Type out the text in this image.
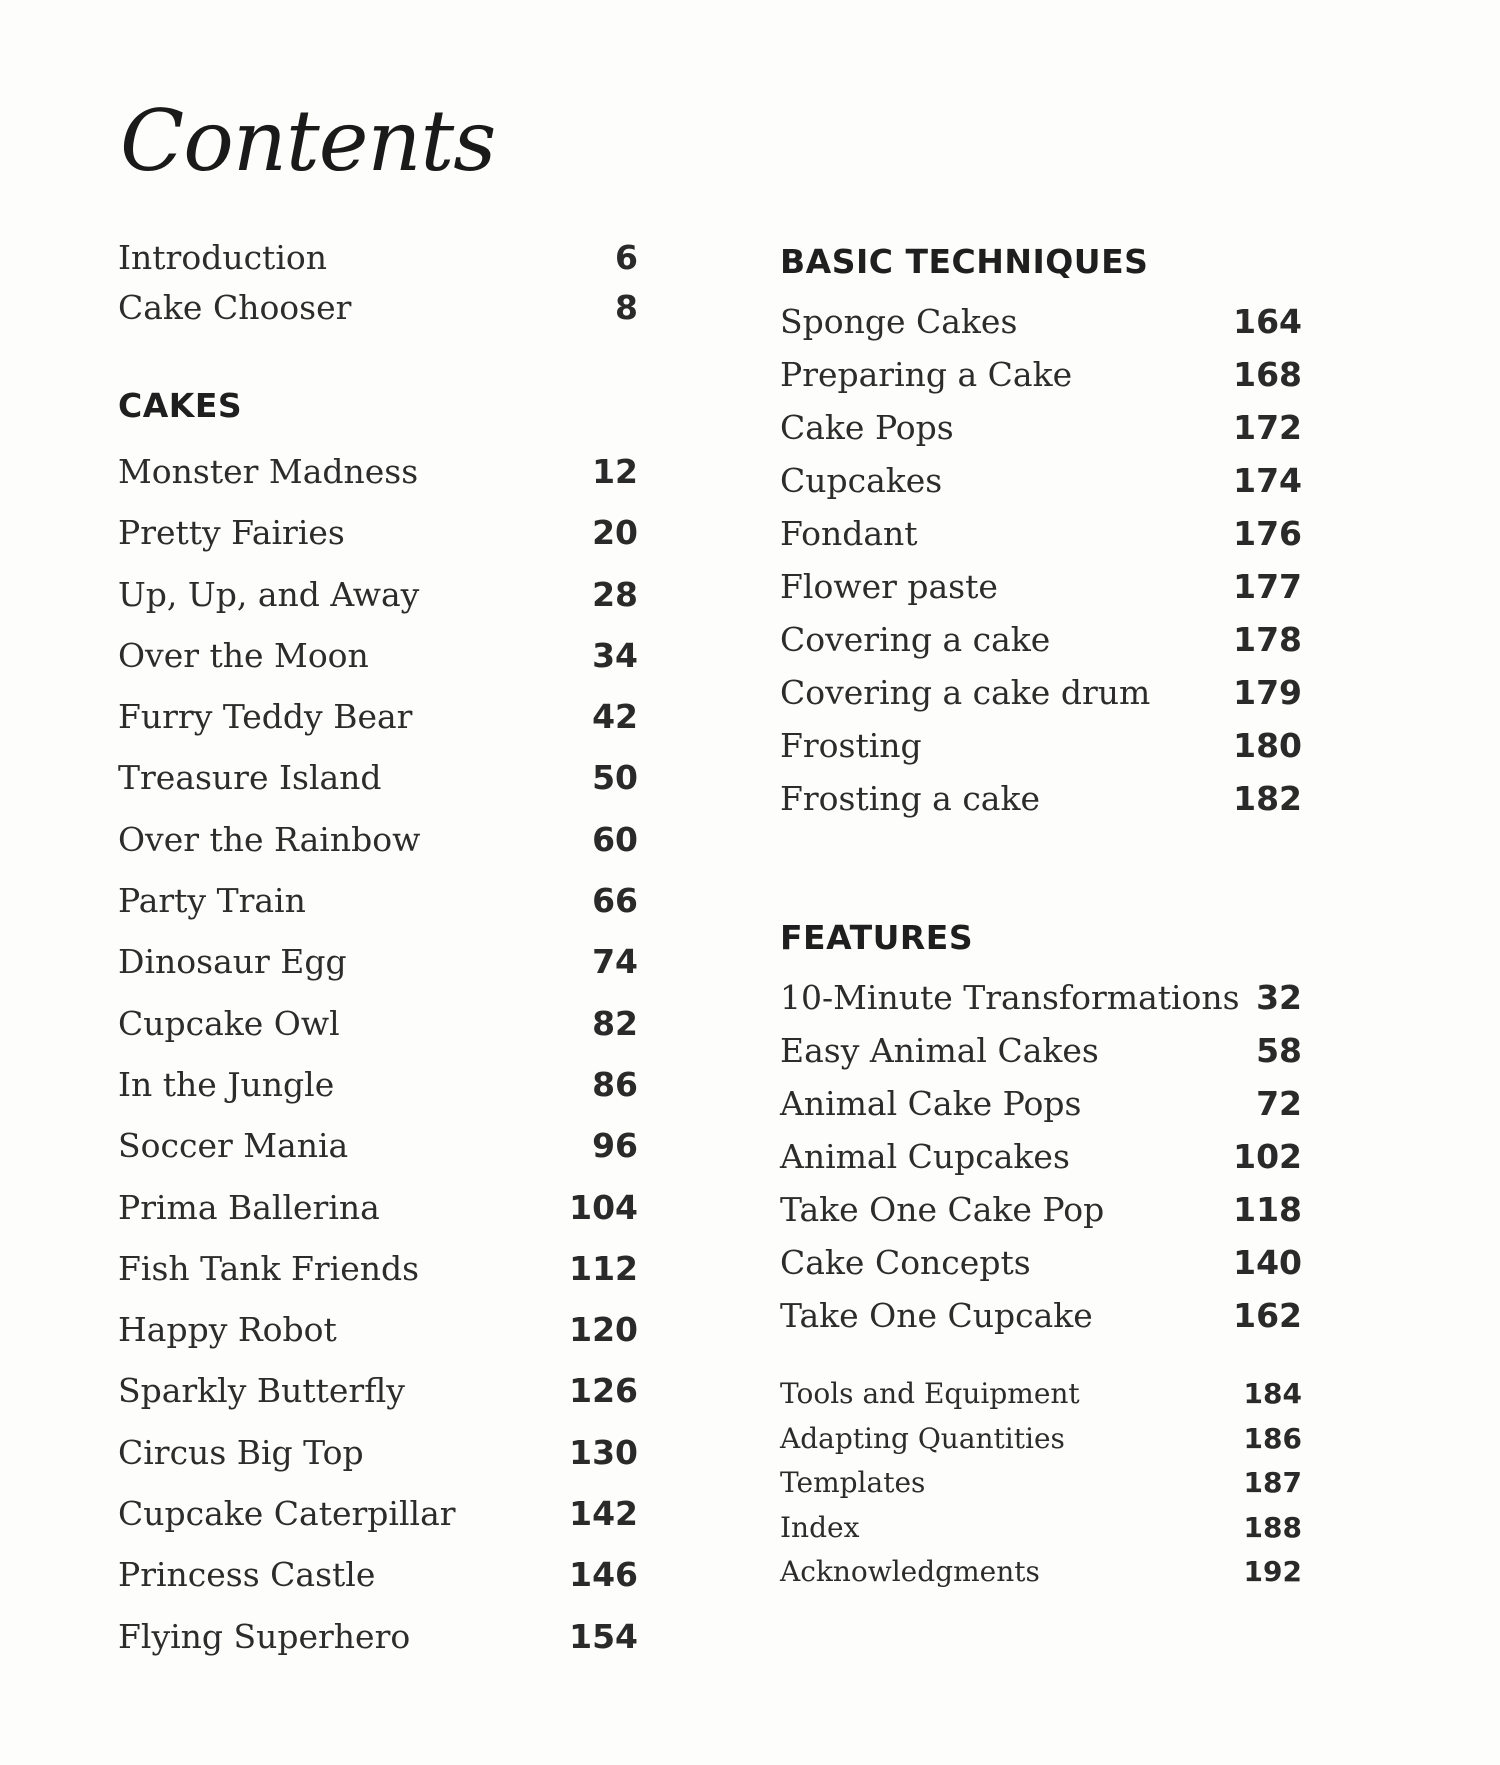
Contents
Introduction	6
Cake Chooser	8
CAKES
Monster Madness	12
Pretty Fairies	20
Up, Up, and Away	28
Over the Moon	34
Furry Teddy Bear	42
Treasure Island	50
Over the Rainbow	60
Party Train	66
Dinosaur Egg	74
Cupcake Owl	82
In the Jungle	86
Soccer Mania	96
Prima Ballerina	104
Fish Tank Friends	112
Happy Robot	120
Sparkly Butterfly	126
Circus Big Top	130
Cupcake Caterpillar	142
Princess Castle	146
Flying Superhero	154
BASIC TECHNIQUES
Sponge Cakes	164
Preparing a Cake	168
Cake Pops	172
Cupcakes	174
Fondant	176
Flower paste	177
Covering a cake	178
Covering a cake drum	179
Frosting	180
Frosting a cake	182
FEATURES
10-Minute Transformations 32
Easy Animal Cakes	58
Animal Cake Pops	72
Animal Cupcakes	102
Take One Cake Pop	118
Cake Concepts	140
Take One Cupcake	162
Tools and Equipment	184
Adapting Quantities	186
Templates	187
Index	188
Acknowledgments	192
